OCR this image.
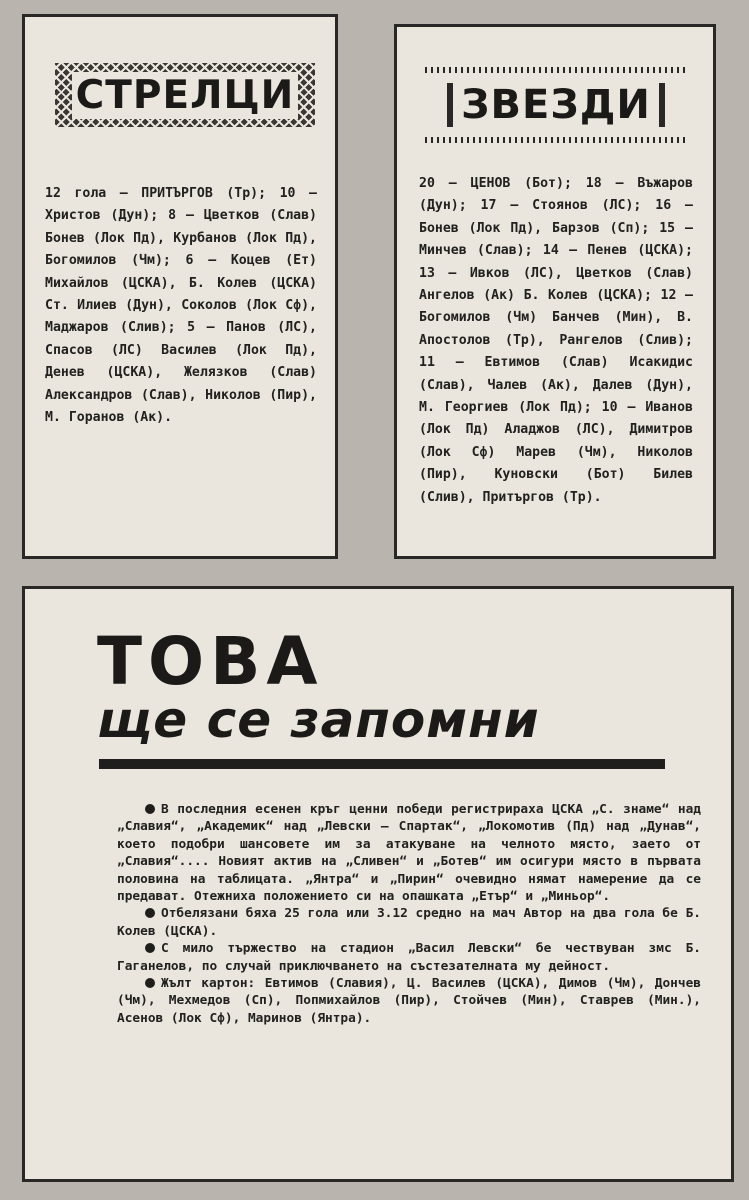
СТРЕЛЦИ
12 гола — ПРИТЪРГОВ (Тр); 10 — Христов (Дун); 8 — Цветков (Слав) Бонев (Лок Пд), Курбанов (Лок Пд), Богомилов (Чм); 6 — Коцев (Ет) Михайлов (ЦСКА), Б. Колев (ЦСКА) Ст. Илиев (Дун), Соколов (Лок Сф), Маджаров (Слив); 5 — Панов (ЛС), Спасов (ЛС) Василев (Лок Пд), Денев (ЦСКА), Желязков (Слав) Александров (Слав), Николов (Пир), М. Горанов (Ак).
ЗВЕЗДИ
20 — ЦЕНОВ (Бот); 18 — Въжаров (Дун); 17 — Стоянов (ЛС); 16 — Бонев (Лок Пд), Барзов (Сп); 15 — Минчев (Слав); 14 — Пенев (ЦСКА); 13 — Ивков (ЛС), Цветков (Слав) Ангелов (Ак) Б. Колев (ЦСКА); 12 — Богомилов (Чм) Банчев (Мин), В. Апостолов (Тр), Рангелов (Слив); 11 — Евтимов (Слав) Исакидис (Слав), Чалев (Ак), Далев (Дун), М. Георгиев (Лок Пд); 10 — Иванов (Лок Пд) Аладжов (ЛС), Димитров (Лок Сф) Марев (Чм), Николов (Пир), Куновски (Бот) Билев (Слив), Притъргов (Тр).
ТОВА
ще се запомни

В последния есенен кръг ценни победи регистрираха ЦСКА „С. знаме“ над „Славия“, „Академик“ над „Левски — Спартак“, „Локомотив (Пд) над „Дунав“, което подобри шансовете им за атакуване на челното място, заето от „Славия“.... Новият актив на „Сливен“ и „Ботев“ им осигури място в първата половина на таблицата. „Янтра“ и „Пирин“ очевидно нямат намерение да се предават. Отежниха положението си на опашката „Етър“ и „Миньор“.

Отбелязани бяха 25 гола или 3.12 средно на мач Автор на два гола бе Б. Колев (ЦСКА).

С мило тържество на стадион „Васил Левски“ бе чествуван змс Б. Гаганелов, по случай приключването на състезателната му дейност.

Жълт картон: Евтимов (Славия), Ц. Василев (ЦСКА), Димов (Чм), Дончев (Чм), Мехмедов (Сп), Попмихайлов (Пир), Стойчев (Мин), Ставрев (Мин.), Асенов (Лок Сф), Маринов (Янтра).
